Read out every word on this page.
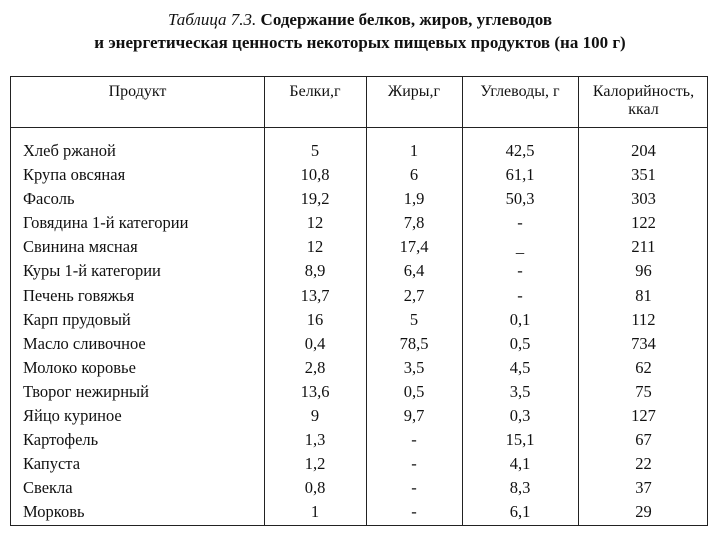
Таблица 7.3. Содержание белков, жиров, углеводов
и энергетическая ценность некоторых пищевых продуктов (на 100 г)
Продукт	Белки,г	Жиры,г	Углеводы, г	Калорийность,
ккал
Хлеб ржаной	5	1	42,5	204
Крупа овсяная	10,8	6	61,1	351
Фасоль	19,2	1,9	50,3	303
Говядина 1-й категории	12	7,8	-	122
Свинина мясная	12	17,4	_	211
Куры 1-й категории	8,9	6,4	-	96
Печень говяжья	13,7	2,7	-	81
Карп прудовый	16	5	0,1	112
Масло сливочное	0,4	78,5	0,5	734
Молоко коровье	2,8	3,5	4,5	62
Творог нежирный	13,6	0,5	3,5	75
Яйцо куриное	9	9,7	0,3	127
Картофель	1,3	-	15,1	67
Капуста	1,2	-	4,1	22
Свекла	0,8	-	8,3	37
Морковь	1	-	6,1	29
